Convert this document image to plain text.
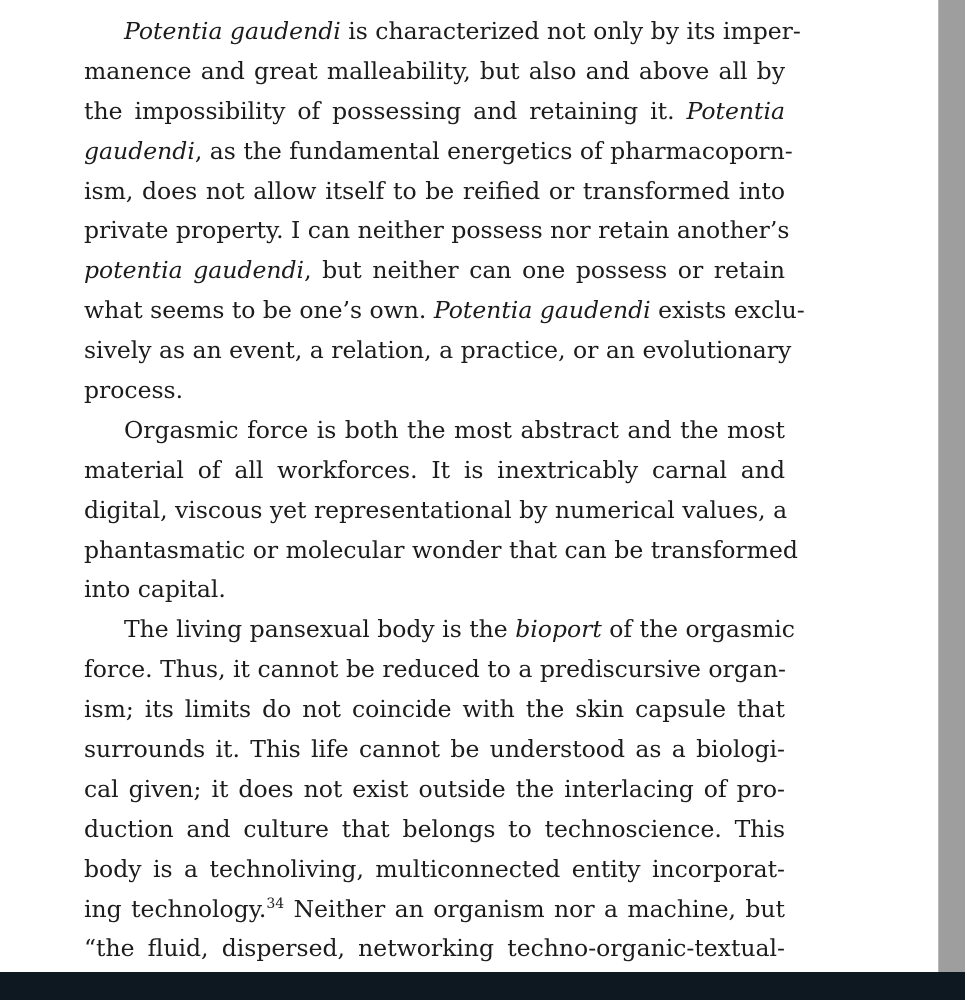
Potentia gaudendi is characterized not only by its imper-
manence and great malleability, but also and above all by
the impossibility of possessing and retaining it. Potentia
gaudendi, as the fundamental energetics of pharmacoporn-
ism, does not allow itself to be reified or transformed into
private property. I can neither possess nor retain another’s
potentia gaudendi, but neither can one possess or retain
what seems to be one’s own. Potentia gaudendi exists exclu-
sively as an event, a relation, a practice, or an evolutionary
process.
Orgasmic force is both the most abstract and the most
material of all workforces. It is inextricably carnal and
digital, viscous yet representational by numerical values, a
phantasmatic or molecular wonder that can be transformed
into capital.
The living pansexual body is the bioport of the orgasmic
force. Thus, it cannot be reduced to a prediscursive organ-
ism; its limits do not coincide with the skin capsule that
surrounds it. This life cannot be understood as a biologi-
cal given; it does not exist outside the interlacing of pro-
duction and culture that belongs to technoscience. This
body is a technoliving, multiconnected entity incorporat-
ing technology.$^{34}$ Neither an organism nor a machine, but
“the fluid, dispersed, networking techno-organic-textual-
